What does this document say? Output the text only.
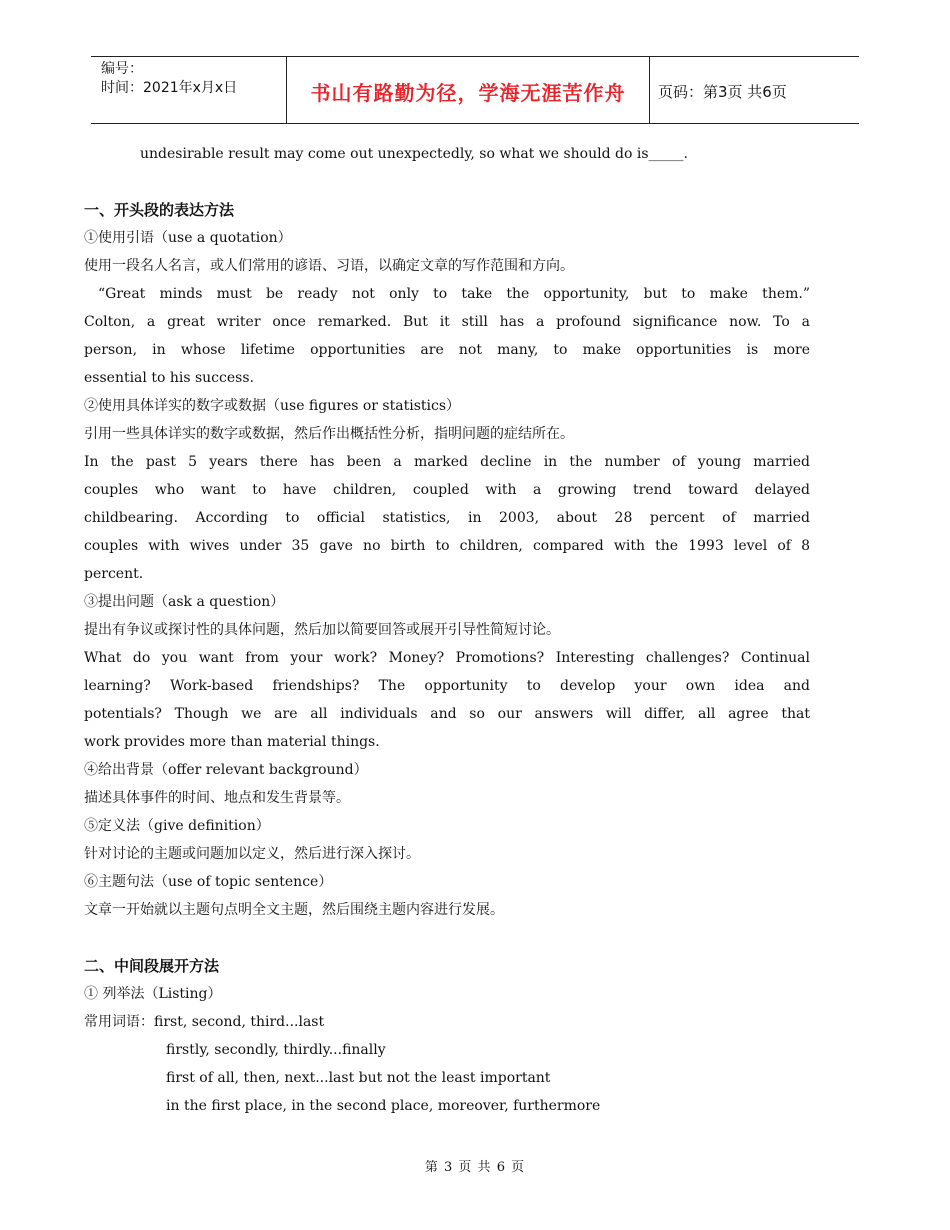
编号：
时间：2021年x月x日	书山有路勤为径，学海无涯苦作舟	页码：第3页 共6页
undesirable result may come out unexpectedly, so what we should do is_____.
一、开头段的表达方法
①使用引语（use a quotation）
使用一段名人名言，或人们常用的谚语、习语，以确定文章的写作范围和方向。
“Great minds must be ready not only to take the opportunity, but to make them.”
Colton, a great writer once remarked. But it still has a profound significance now. To a
person, in whose lifetime opportunities are not many, to make opportunities is more
essential to his success.
②使用具体详实的数字或数据（use figures or statistics）
引用一些具体详实的数字或数据，然后作出概括性分析，指明问题的症结所在。
In the past 5 years there has been a marked decline in the number of young married
couples who want to have children, coupled with a growing trend toward delayed
childbearing. According to official statistics, in 2003, about 28 percent of married
couples with wives under 35 gave no birth to children, compared with the 1993 level of 8
percent.
③提出问题（ask a question）
提出有争议或探讨性的具体问题，然后加以简要回答或展开引导性简短讨论。
What do you want from your work? Money? Promotions? Interesting challenges? Continual
learning? Work-based friendships? The opportunity to develop your own idea and
potentials? Though we are all individuals and so our answers will differ, all agree that
work provides more than material things.
④给出背景（offer relevant background）
描述具体事件的时间、地点和发生背景等。
⑤定义法（give definition）
针对讨论的主题或问题加以定义，然后进行深入探讨。
⑥主题句法（use of topic sentence）
文章一开始就以主题句点明全文主题，然后围绕主题内容进行发展。
二、中间段展开方法
① 列举法（Listing）
常用词语：first, second, third...last
firstly, secondly, thirdly...finally
first of all, then, next...last but not the least important
in the first place, in the second place, moreover, furthermore
第 3 页 共 6 页
